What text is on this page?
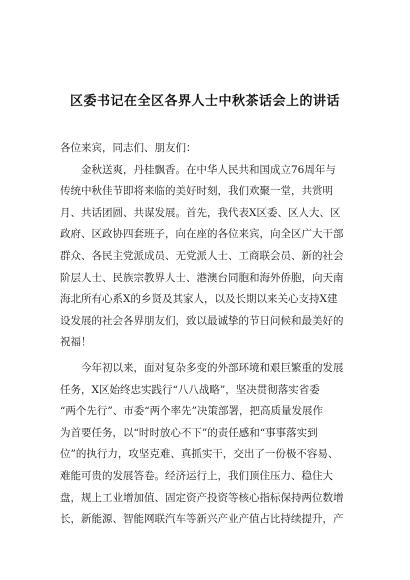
区委书记在全区各界人士中秋茶话会上的讲话
各位来宾，同志们、朋友们：
　　金秋送爽，丹桂飘香。在中华人民共和国成立76周年与
传统中秋佳节即将来临的美好时刻，我们欢聚一堂，共赏明
月、共话团圆、共谋发展。首先，我代表X区委、区人大、区
政府、区政协四套班子，向在座的各位来宾，向全区广大干部
群众、各民主党派成员、无党派人士、工商联会员、新的社会
阶层人士、民族宗教界人士、港澳台同胞和海外侨胞，向天南
海北所有心系X的乡贤及其家人，以及长期以来关心支持X建
设发展的社会各界朋友们，致以最诚挚的节日问候和最美好的
祝福！
　　今年初以来，面对复杂多变的外部环境和艰巨繁重的发展
任务，X区始终忠实践行“八八战略”，坚决贯彻落实省委
“两个先行”、市委“两个率先”决策部署，把高质量发展作
为首要任务，以“时时放心不下”的责任感和“事事落实到
位”的执行力，攻坚克难、真抓实干，交出了一份极不容易、
难能可贵的发展答卷。经济运行上，我们顶住压力、稳住大
盘，规上工业增加值、固定资产投资等核心指标保持两位数增
长，新能源、智能网联汽车等新兴产业产值占比持续提升，产
